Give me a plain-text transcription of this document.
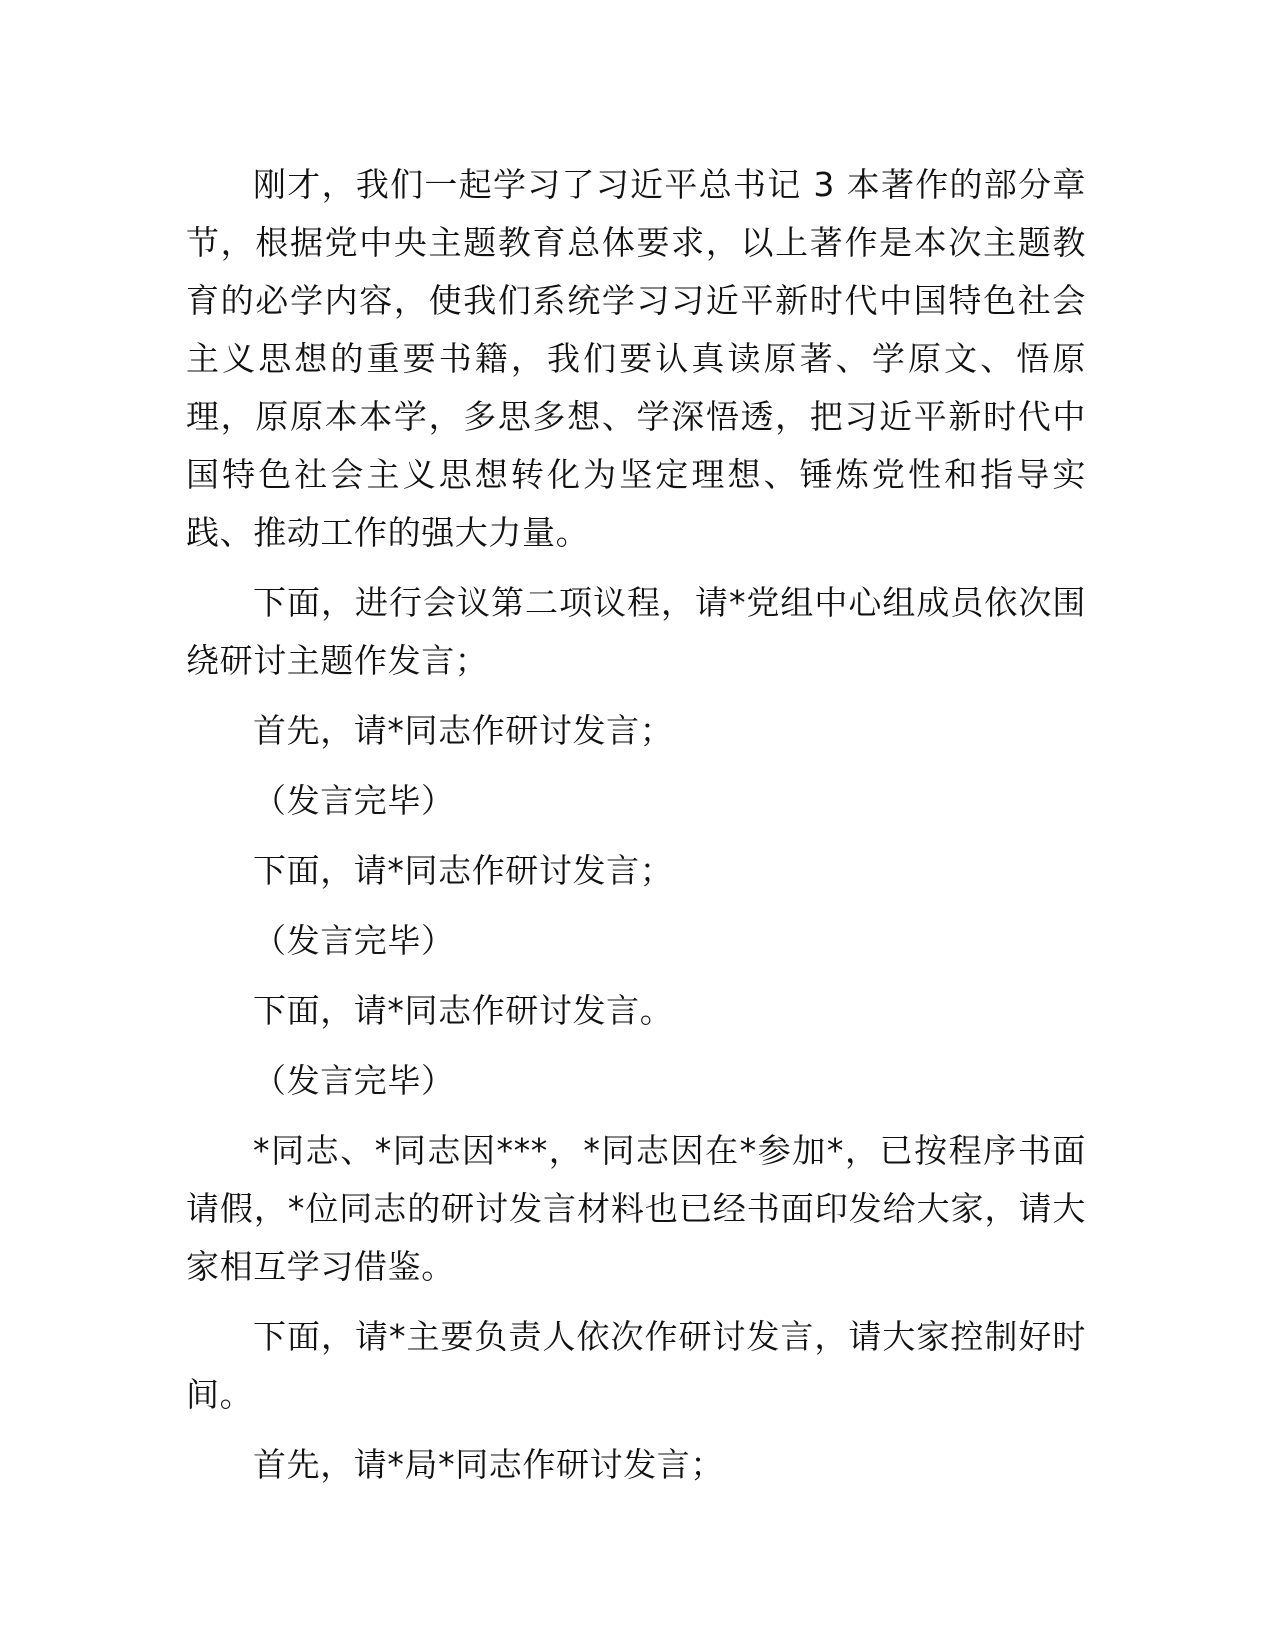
刚才，我们一起学习了习近平总书记 3 本著作的部分章节，根据党中央主题教育总体要求，以上著作是本次主题教育的必学内容，使我们系统学习习近平新时代中国特色社会主义思想的重要书籍，我们要认真读原著、学原文、悟原理，原原本本学，多思多想、学深悟透，把习近平新时代中国特色社会主义思想转化为坚定理想、锤炼党性和指导实践、推动工作的强大力量。

下面，进行会议第二项议程，请*党组中心组成员依次围绕研讨主题作发言；

首先，请*同志作研讨发言；

（发言完毕）

下面，请*同志作研讨发言；

（发言完毕）

下面，请*同志作研讨发言。

（发言完毕）

*同志、*同志因***，*同志因在*参加*，已按程序书面请假，*位同志的研讨发言材料也已经书面印发给大家，请大家相互学习借鉴。

下面，请*主要负责人依次作研讨发言，请大家控制好时间。

首先，请*局*同志作研讨发言；
